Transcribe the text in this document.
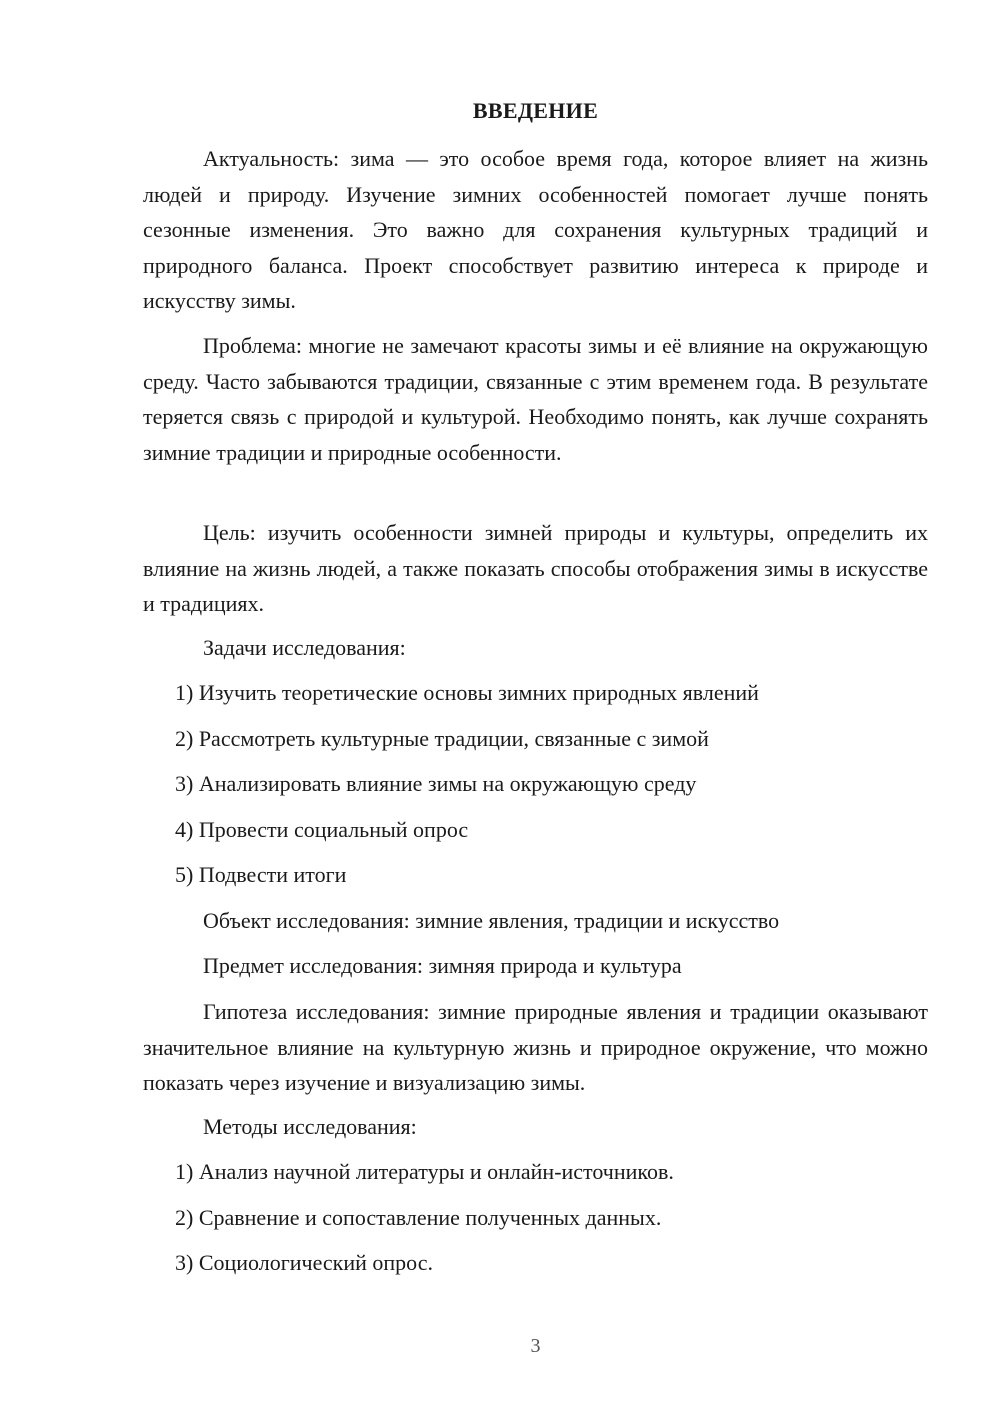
ВВЕДЕНИЕ

Актуальность: зима — это особое время года, которое влияет на жизнь людей и природу. Изучение зимних особенностей помогает лучше понять сезонные изменения. Это важно для сохранения культурных традиций и природного баланса. Проект способствует развитию интереса к природе и искусству зимы.

Проблема: многие не замечают красоты зимы и её влияние на окружающую среду. Часто забываются традиции, связанные с этим временем года. В результате теряется связь с природой и культурой. Необходимо понять, как лучше сохранять зимние традиции и природные особенности.

Цель: изучить особенности зимней природы и культуры, определить их влияние на жизнь людей, а также показать способы отображения зимы в искусстве и традициях.

Задачи исследования:

1) Изучить теоретические основы зимних природных явлений

2) Рассмотреть культурные традиции, связанные с зимой

3) Анализировать влияние зимы на окружающую среду

4) Провести социальный опрос

5) Подвести итоги

Объект исследования: зимние явления, традиции и искусство

Предмет исследования: зимняя природа и культура

Гипотеза исследования: зимние природные явления и традиции оказывают значительное влияние на культурную жизнь и природное окружение, что можно показать через изучение и визуализацию зимы.

Методы исследования:

1) Анализ научной литературы и онлайн-источников.

2) Сравнение и сопоставление полученных данных.

3) Социологический опрос.

3
